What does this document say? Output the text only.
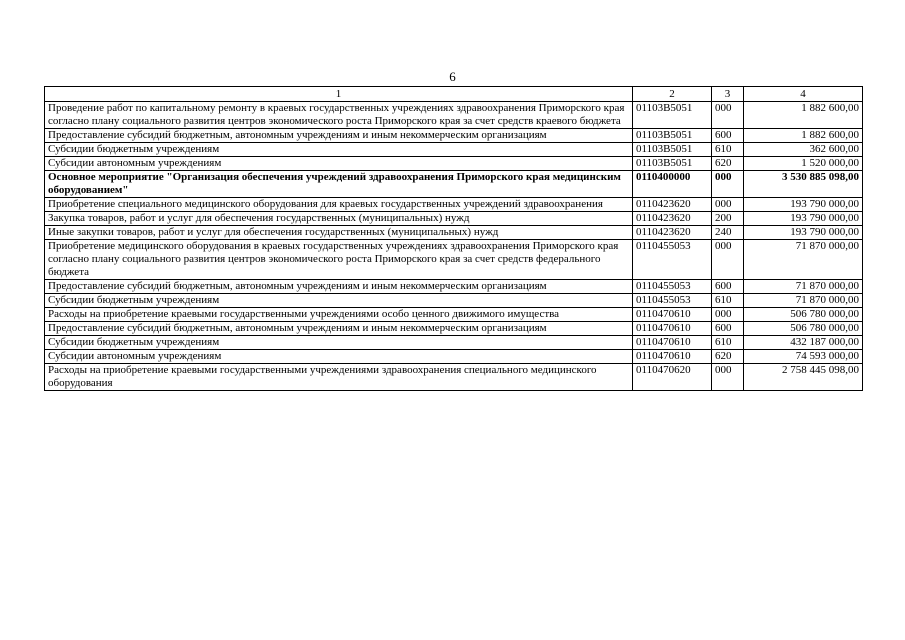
6
1	2	3	4
Проведение работ по капитальному ремонту в краевых государственных учреждениях здравоохранения Приморского края согласно плану социального развития центров экономического роста Приморского края за счет средств краевого бюджета	01103В5051	000	1 882 600,00
Предоставление субсидий бюджетным, автономным учреждениям и иным некоммерческим организациям	01103В5051	600	1 882 600,00
Субсидии бюджетным учреждениям	01103В5051	610	362 600,00
Субсидии автономным учреждениям	01103В5051	620	1 520 000,00
Основное мероприятие "Организация обеспечения учреждений здравоохранения Приморского края медицинским оборудованием"	0110400000	000	3 530 885 098,00
Приобретение специального медицинского оборудования для краевых государственных учреждений здравоохранения	0110423620	000	193 790 000,00
Закупка товаров, работ и услуг для обеспечения государственных (муниципальных) нужд	0110423620	200	193 790 000,00
Иные закупки товаров, работ и услуг для обеспечения государственных (муниципальных) нужд	0110423620	240	193 790 000,00
Приобретение медицинского оборудования в краевых государственных учреждениях здравоохранения Приморского края согласно плану социального развития центров экономического роста Приморского края за счет средств федерального бюджета	0110455053	000	71 870 000,00
Предоставление субсидий бюджетным, автономным учреждениям и иным некоммерческим организациям	0110455053	600	71 870 000,00
Субсидии бюджетным учреждениям	0110455053	610	71 870 000,00
Расходы на приобретение краевыми государственными учреждениями особо ценного движимого имущества	0110470610	000	506 780 000,00
Предоставление субсидий бюджетным, автономным учреждениям и иным некоммерческим организациям	0110470610	600	506 780 000,00
Субсидии бюджетным учреждениям	0110470610	610	432 187 000,00
Субсидии автономным учреждениям	0110470610	620	74 593 000,00
Расходы на приобретение краевыми государственными учреждениями здравоохранения специального медицинского оборудования	0110470620	000	2 758 445 098,00
